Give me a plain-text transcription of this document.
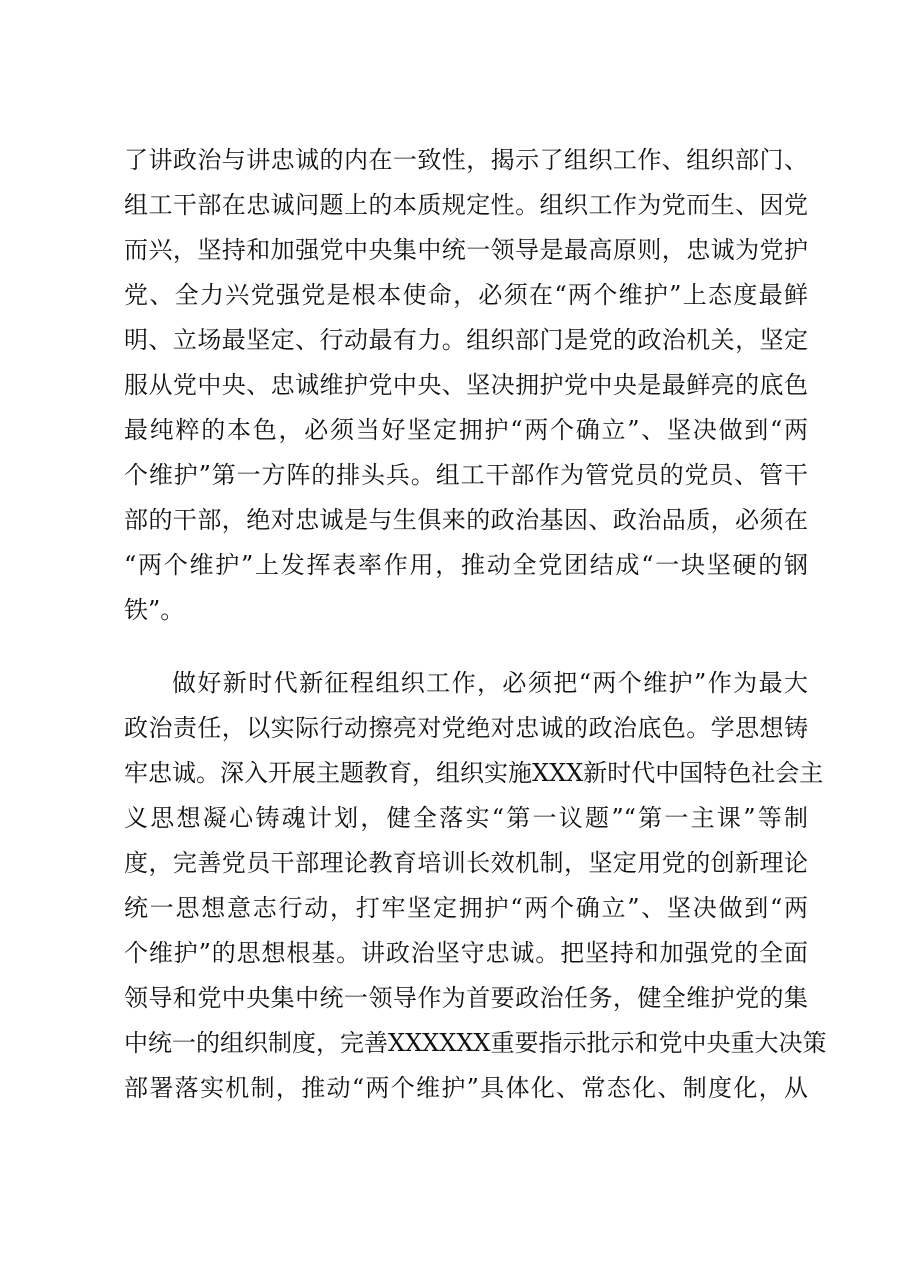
了讲政治与讲忠诚的内在一致性，揭示了组织工作、组织部门、
组工干部在忠诚问题上的本质规定性。组织工作为党而生、因党
而兴，坚持和加强党中央集中统一领导是最高原则，忠诚为党护
党、全力兴党强党是根本使命，必须在“两个维护”上态度最鲜
明、立场最坚定、行动最有力。组织部门是党的政治机关，坚定
服从党中央、忠诚维护党中央、坚决拥护党中央是最鲜亮的底色
最纯粹的本色，必须当好坚定拥护“两个确立”、坚决做到“两
个维护”第一方阵的排头兵。组工干部作为管党员的党员、管干
部的干部，绝对忠诚是与生俱来的政治基因、政治品质，必须在
“两个维护”上发挥表率作用，推动全党团结成“一块坚硬的钢
铁”。
做好新时代新征程组织工作，必须把“两个维护”作为最大
政治责任，以实际行动擦亮对党绝对忠诚的政治底色。学思想铸
牢忠诚。深入开展主题教育，组织实施XXX新时代中国特色社会主
义思想凝心铸魂计划，健全落实“第一议题”“第一主课”等制
度，完善党员干部理论教育培训长效机制，坚定用党的创新理论
统一思想意志行动，打牢坚定拥护“两个确立”、坚决做到“两
个维护”的思想根基。讲政治坚守忠诚。把坚持和加强党的全面
领导和党中央集中统一领导作为首要政治任务，健全维护党的集
中统一的组织制度，完善XXXXXX重要指示批示和党中央重大决策
部署落实机制，推动“两个维护”具体化、常态化、制度化，从
